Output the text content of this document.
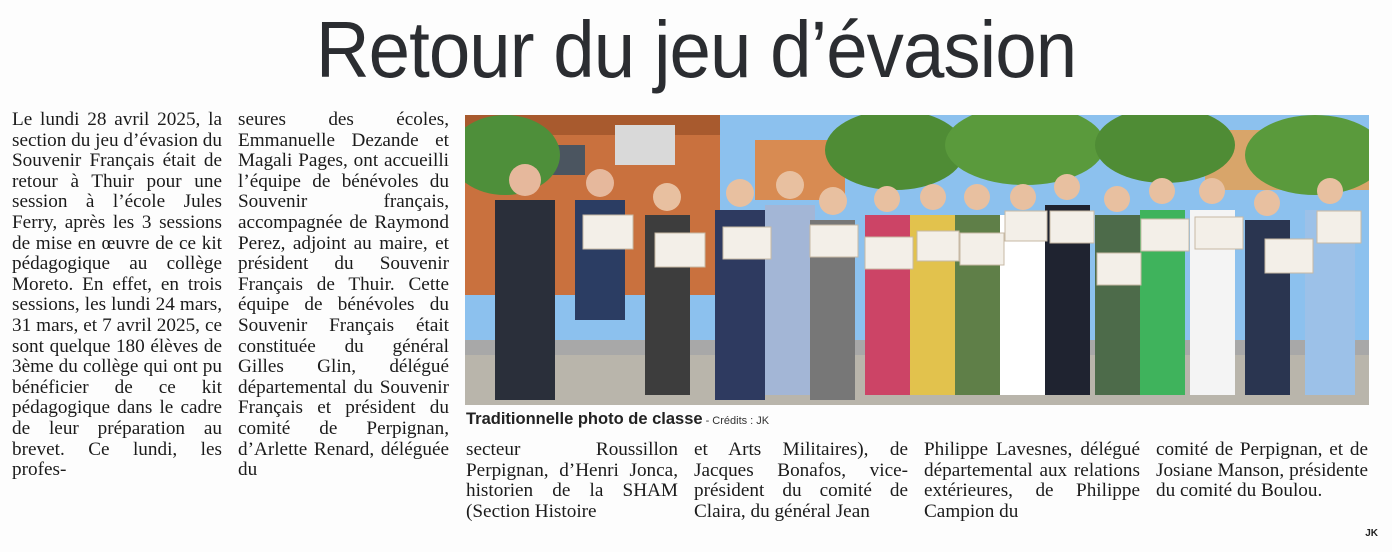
Retour du jeu d’évasion

Le lundi 28 avril 2025, la section du jeu d’évasion du Souvenir Français était de retour à Thuir pour une session à l’école Jules Ferry, après les 3 sessions de mise en œuvre de ce kit pédagogique au collège Moreto. En effet, en trois sessions, les lundi 24 mars, 31 mars, et 7 avril 2025, ce sont quelque 180 élèves de 3ème du collège qui ont pu bénéficier de ce kit pédagogique dans le cadre de leur préparation au brevet. Ce lundi, les profes-

seures des écoles, Emmanuelle Dezande et Magali Pages, ont accueilli l’équipe de bénévoles du Souvenir français, accompagnée de Raymond Perez, adjoint au maire, et président du Souvenir Français de Thuir. Cette équipe de bénévoles du Souvenir Français était constituée du général Gilles Glin, délégué départemental du Souvenir Français et président du comité de Perpignan, d’Arlette Renard, déléguée du

Traditionnelle photo de classe - Crédits : JK

secteur Roussillon Perpignan, d’Henri Jonca, historien de la SHAM (Section Histoire

et Arts Militaires), de Jacques Bonafos, vice-président du comité de Claira, du général Jean

Philippe Lavesnes, délégué départemental aux relations extérieures, de Philippe Campion du

comité de Perpignan, et de Josiane Manson, présidente du comité du Boulou.

JK
